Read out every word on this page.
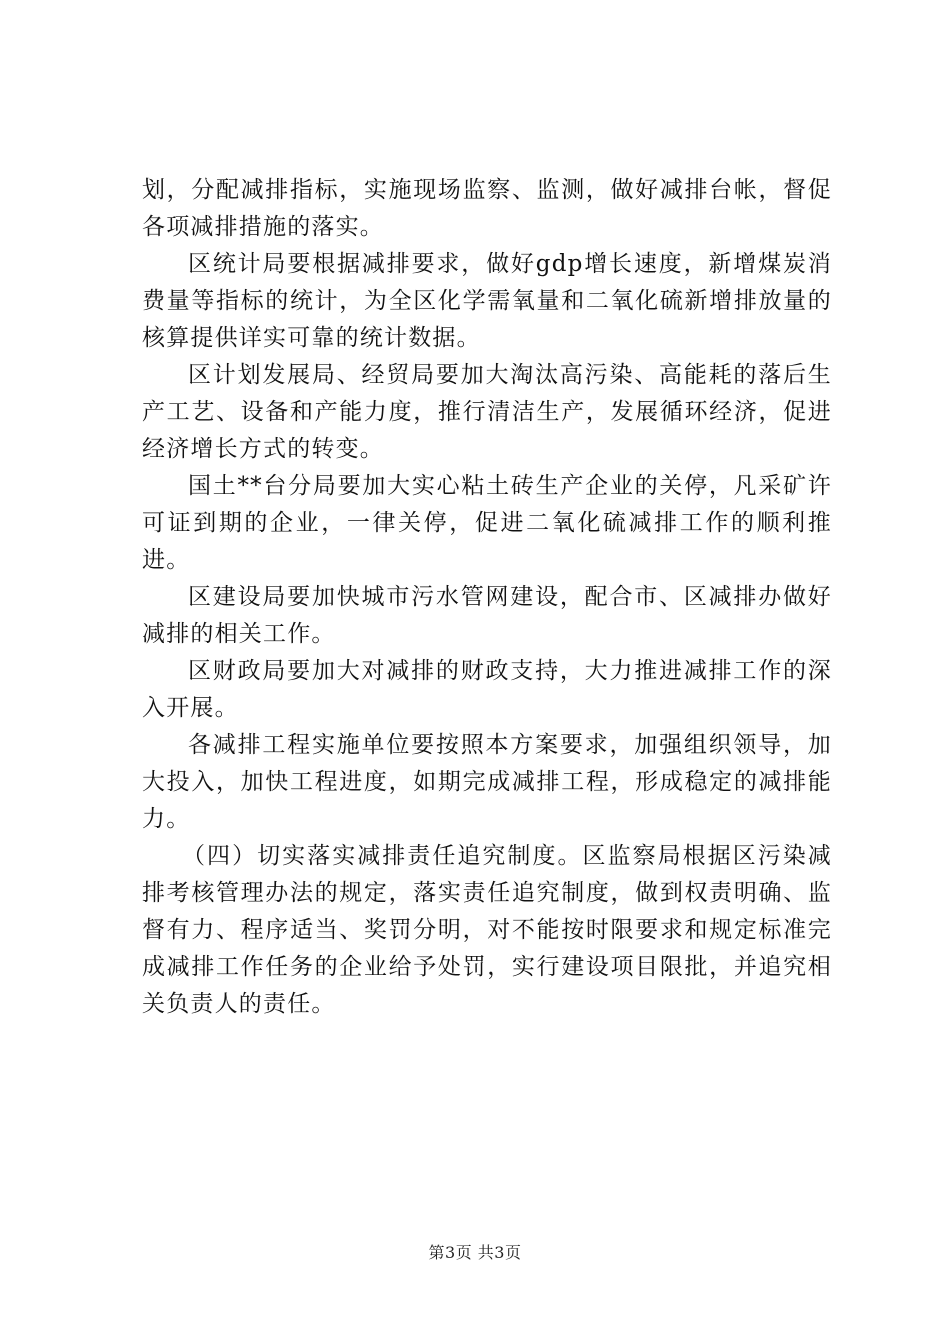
划，分配减排指标，实施现场监察、监测，做好减排台帐，督促各项减排措施的落实。

区统计局要根据减排要求，做好gdp增长速度，新增煤炭消费量等指标的统计，为全区化学需氧量和二氧化硫新增排放量的核算提供详实可靠的统计数据。

区计划发展局、经贸局要加大淘汰高污染、高能耗的落后生产工艺、设备和产能力度，推行清洁生产，发展循环经济，促进经济增长方式的转变。

国土**台分局要加大实心粘土砖生产企业的关停，凡采矿许可证到期的企业，一律关停，促进二氧化硫减排工作的顺利推进。

区建设局要加快城市污水管网建设，配合市、区减排办做好减排的相关工作。

区财政局要加大对减排的财政支持，大力推进减排工作的深入开展。

各减排工程实施单位要按照本方案要求，加强组织领导，加大投入，加快工程进度，如期完成减排工程，形成稳定的减排能力。

（四）切实落实减排责任追究制度。区监察局根据区污染减排考核管理办法的规定，落实责任追究制度，做到权责明确、监督有力、程序适当、奖罚分明，对不能按时限要求和规定标准完成减排工作任务的企业给予处罚，实行建设项目限批，并追究相关负责人的责任。

第3页 共3页
